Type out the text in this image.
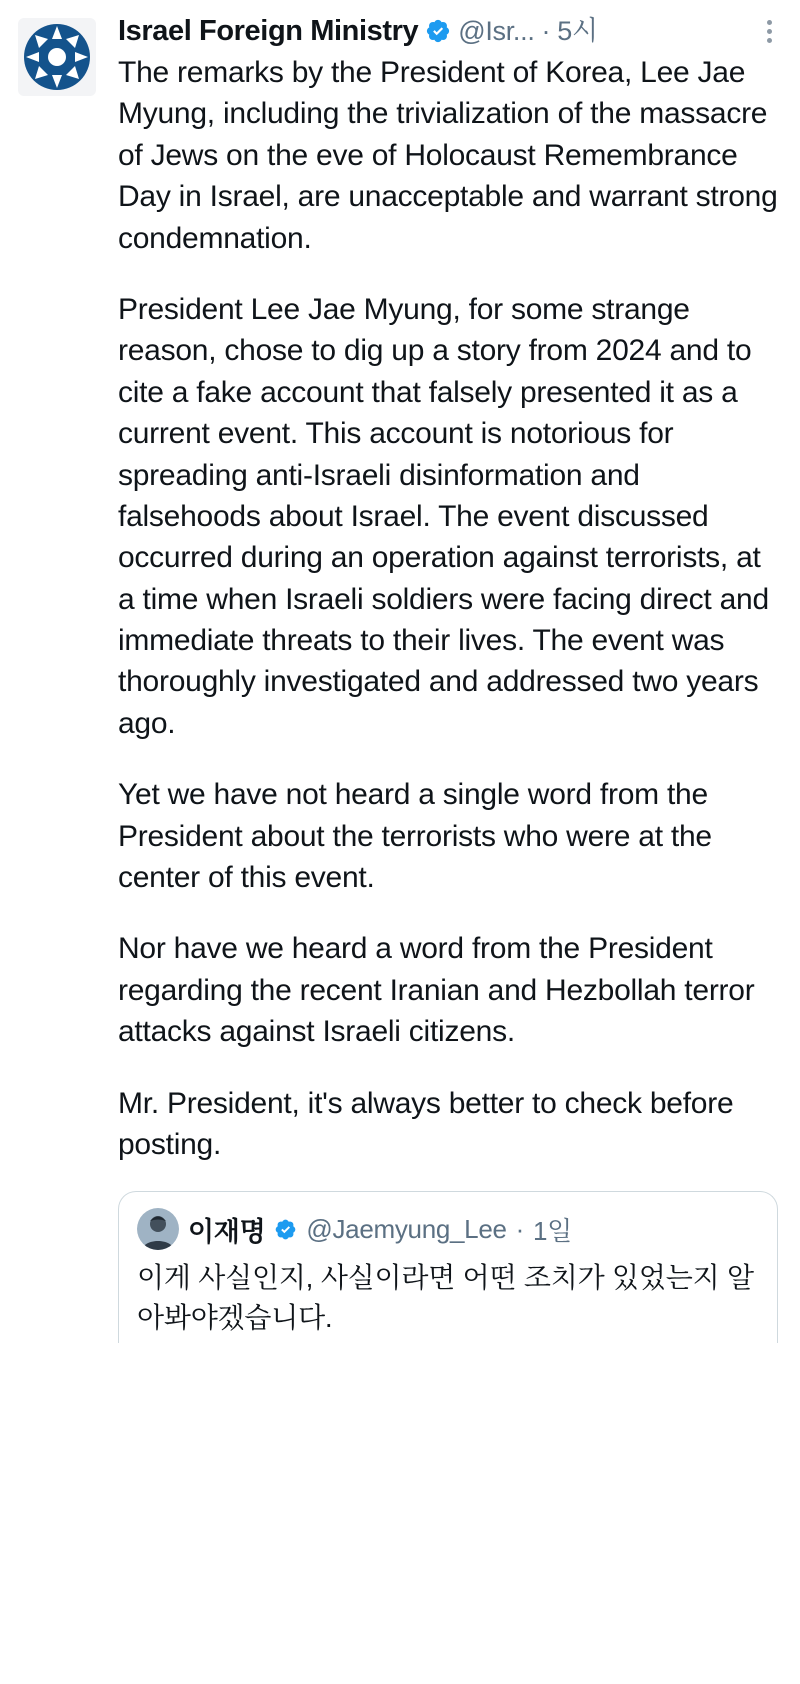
Israel Foreign Ministry @Isr... · 5시

The remarks by the President of Korea, Lee Jae Myung, including the trivialization of the massacre of Jews on the eve of Holocaust Remembrance Day in Israel, are unacceptable and warrant strong condemnation.

President Lee Jae Myung, for some strange reason, chose to dig up a story from 2024 and to cite a fake account that falsely presented it as a current event. This account is notorious for spreading anti-Israeli disinformation and falsehoods about Israel. The event discussed occurred during an operation against terrorists, at a time when Israeli soldiers were facing direct and immediate threats to their lives. The event was thoroughly investigated and addressed two years ago.

Yet we have not heard a single word from the President about the terrorists who were at the center of this event.

Nor have we heard a word from the President regarding the recent Iranian and Hezbollah terror attacks against Israeli citizens.

Mr. President, it's always better to check before posting.

이재명 @Jaemyung_Lee · 1일
이게 사실인지, 사실이라면 어떤 조치가 있었는지 알아봐야겠습니다.
